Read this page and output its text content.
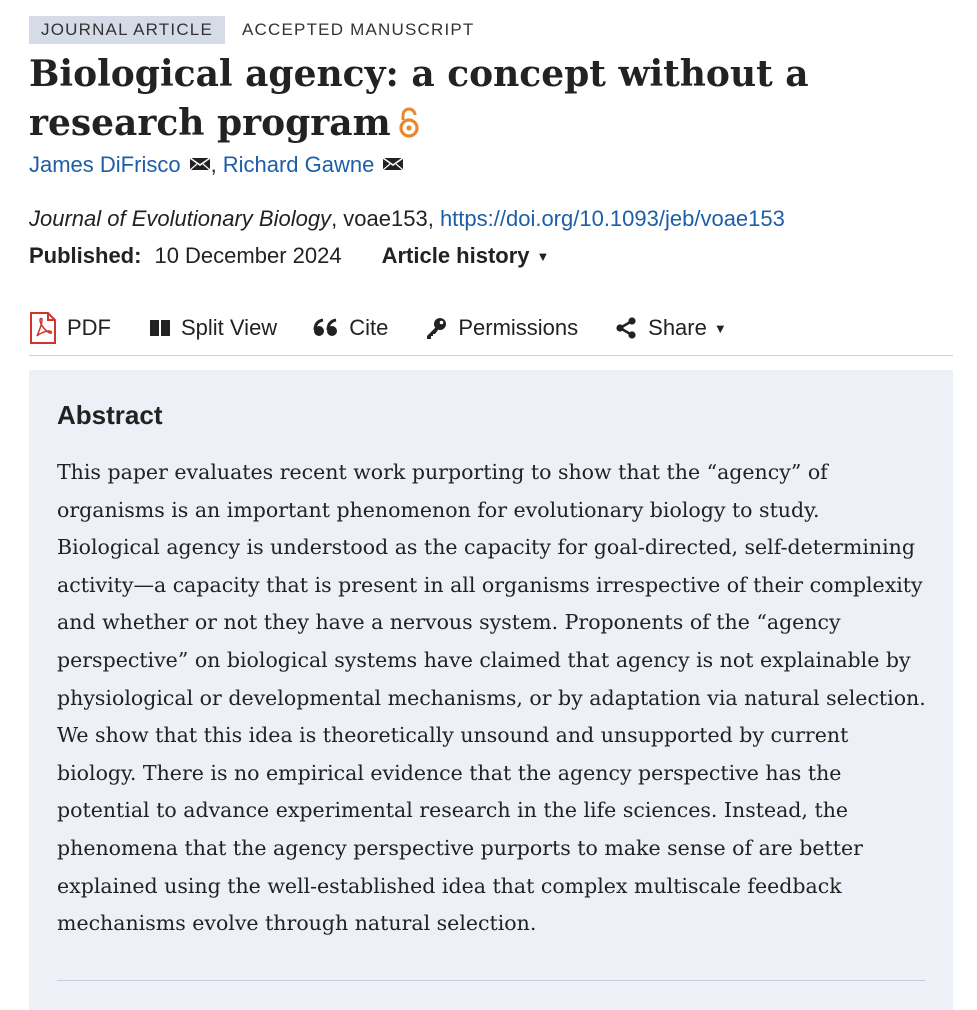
JOURNAL ARTICLE	ACCEPTED MANUSCRIPT
Biological agency: a concept without a research program
James DiFrisco , Richard Gawne
Journal of Evolutionary Biology, voae153, https://doi.org/10.1093/jeb/voae153
Published: 10 December 2024 Article history ▼
PDF	Split View	Cite	Permissions	Share ▼
Abstract

This paper evaluates recent work purporting to show that the “agency” of organisms is an important phenomenon for evolutionary biology to study. Biological agency is understood as the capacity for goal-directed, self-determining activity—a capacity that is present in all organisms irrespective of their complexity and whether or not they have a nervous system. Proponents of the “agency perspective” on biological systems have claimed that agency is not explainable by physiological or developmental mechanisms, or by adaptation via natural selection. We show that this idea is theoretically unsound and unsupported by current biology. There is no empirical evidence that the agency perspective has the potential to advance experimental research in the life sciences. Instead, the phenomena that the agency perspective purports to make sense of are better explained using the well-established idea that complex multiscale feedback mechanisms evolve through natural selection.
